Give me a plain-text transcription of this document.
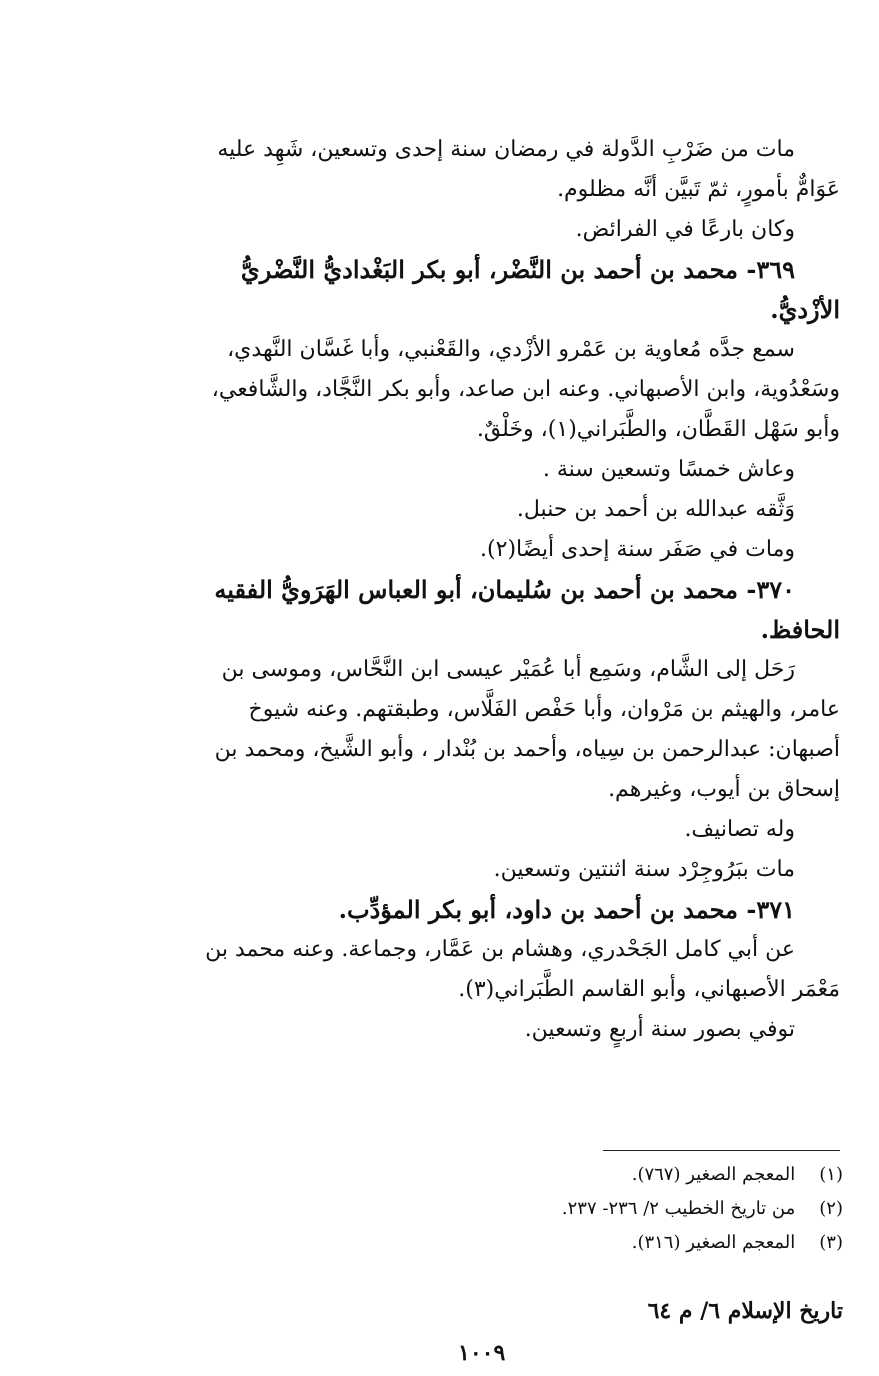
مات من ضَرْبِ الدَّولة في رمضان سنة إحدى وتسعين، شَهِد عليه
عَوَامٌّ بأمورٍ، ثمّ تَبيَّن أنَّه مظلوم.
وكان بارعًا في الفرائض.
٣٦٩- محمد بن أحمد بن النَّضْر، أبو بكر البَغْداديُّ النَّضْريُّ
الأزْديُّ.
سمع جدَّه مُعاوية بن عَمْرو الأزْدي، والقَعْنبي، وأبا غَسَّان النَّهدي،
وسَعْدُوية، وابن الأصبهاني. وعنه ابن صاعد، وأبو بكر النَّجَّاد، والشَّافعي،
وأبو سَهْل القَطَّان، والطَّبَراني(١)، وخَلْقٌ.
وعاش خمسًا وتسعين سنة .
وَثَّقه عبدالله بن أحمد بن حنبل.
ومات في صَفَر سنة إحدى أيضًا(٢).
٣٧٠- محمد بن أحمد بن سُليمان، أبو العباس الهَرَويُّ الفقيه
الحافظ.
رَحَل إلى الشَّام، وسَمِع أبا عُمَيْر عيسى ابن النَّحَّاس، وموسى بن
عامر، والهيثم بن مَرْوان، وأبا حَفْص الفَلَّاس، وطبقتهم. وعنه شيوخ
أصبهان: عبدالرحمن بن سِياه، وأحمد بن بُنْدار ، وأبو الشَّيخ، ومحمد بن
إسحاق بن أيوب، وغيرهم.
وله تصانيف.
مات ببَرُوجِرْد سنة اثنتين وتسعين.
٣٧١- محمد بن أحمد بن داود، أبو بكر المؤدِّب.
عن أبي كامل الجَحْدري، وهشام بن عَمَّار، وجماعة. وعنه محمد بن
مَعْمَر الأصبهاني، وأبو القاسم الطَّبَراني(٣).
توفي بصور سنة أربعٍ وتسعين.
(١) المعجم الصغير (٧٦٧).
(٢) من تاريخ الخطيب ٢/ ٢٣٦- ٢٣٧.
(٣) المعجم الصغير (٣١٦).
تاريخ الإسلام ٦/ م ٦٤
١٠٠٩
